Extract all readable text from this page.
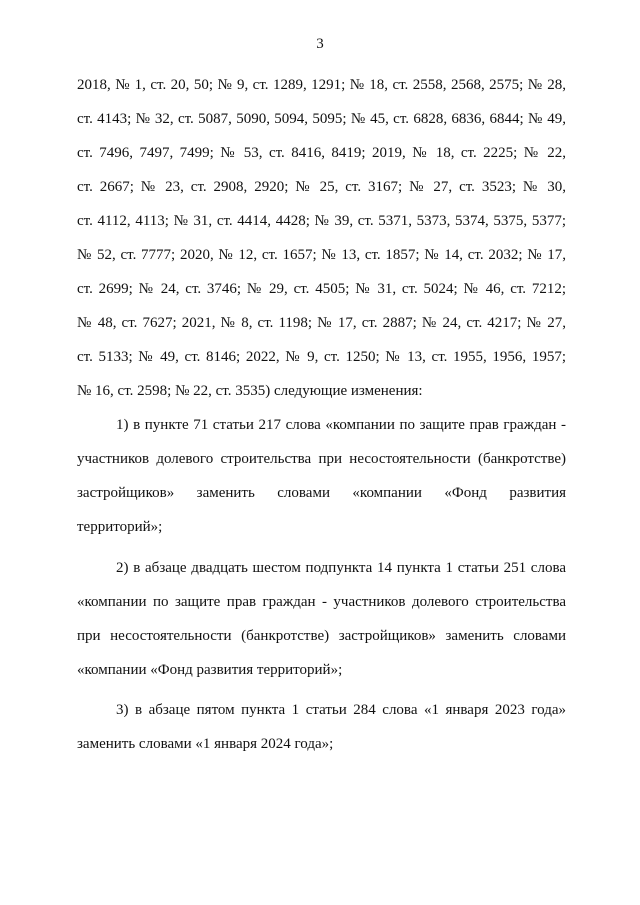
3
2018, № 1, ст. 20, 50; № 9, ст. 1289, 1291; № 18, ст. 2558, 2568, 2575; № 28,
ст. 4143; № 32, ст. 5087, 5090, 5094, 5095; № 45, ст. 6828, 6836, 6844; № 49,
ст. 7496, 7497, 7499; № 53, ст. 8416, 8419; 2019, № 18, ст. 2225; № 22,
ст. 2667; № 23, ст. 2908, 2920; № 25, ст. 3167; № 27, ст. 3523; № 30,
ст. 4112, 4113; № 31, ст. 4414, 4428; № 39, ст. 5371, 5373, 5374, 5375, 5377;
№ 52, ст. 7777; 2020, № 12, ст. 1657; № 13, ст. 1857; № 14, ст. 2032; № 17,
ст. 2699; № 24, ст. 3746; № 29, ст. 4505; № 31, ст. 5024; № 46, ст. 7212;
№ 48, ст. 7627; 2021, № 8, ст. 1198; № 17, ст. 2887; № 24, ст. 4217; № 27,
ст. 5133; № 49, ст. 8146; 2022, № 9, ст. 1250; № 13, ст. 1955, 1956, 1957;
№ 16, ст. 2598; № 22, ст. 3535) следующие изменения:
1) в пункте 71 статьи 217 слова «компании по защите прав граждан -
участников долевого строительства при несостоятельности (банкротстве)
застройщиков» заменить словами «компании «Фонд развития
территорий»;
2) в абзаце двадцать шестом подпункта 14 пункта 1 статьи 251 слова
«компании по защите прав граждан - участников долевого строительства
при несостоятельности (банкротстве) застройщиков» заменить словами
«компании «Фонд развития территорий»;
3) в абзаце пятом пункта 1 статьи 284 слова «1 января 2023 года»
заменить словами «1 января 2024 года»;
